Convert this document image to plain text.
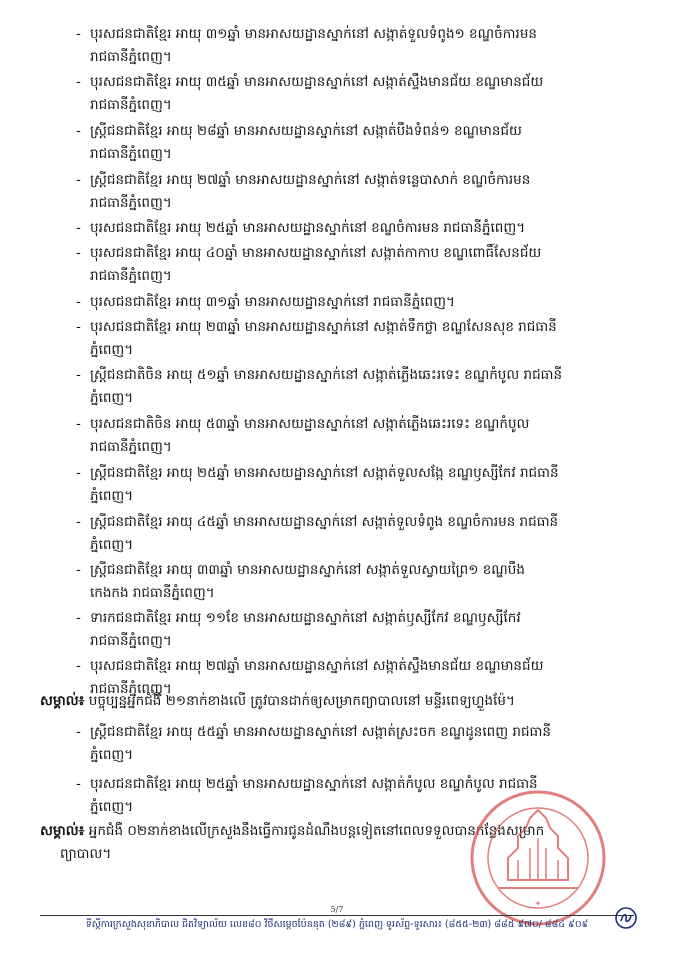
- បុរសជនជាតិខ្មែរ អាយុ ៣១ឆ្នាំ មានអាសយដ្ឋានស្នាក់នៅ សង្កាត់ទួលទំពូង១ ខណ្ឌចំការមន
រាជធានីភ្នំពេញ។
- បុរសជនជាតិខ្មែរ អាយុ ៣៥ឆ្នាំ មានអាសយដ្ឋានស្នាក់នៅ សង្កាត់ស្ទឹងមានជ័យ ខណ្ឌមានជ័យ
រាជធានីភ្នំពេញ។
- ស្ត្រីជនជាតិខ្មែរ អាយុ ២៨ឆ្នាំ មានអាសយដ្ឋានស្នាក់នៅ សង្កាត់បឹងទំពន់១ ខណ្ឌមានជ័យ
រាជធានីភ្នំពេញ។
- ស្ត្រីជនជាតិខ្មែរ អាយុ ២៧ឆ្នាំ មានអាសយដ្ឋានស្នាក់នៅ សង្កាត់ទន្លេបាសាក់ ខណ្ឌចំការមន
រាជធានីភ្នំពេញ។
- បុរសជនជាតិខ្មែរ អាយុ ២៥ឆ្នាំ មានអាសយដ្ឋានស្នាក់នៅ ខណ្ឌចំការមន រាជធានីភ្នំពេញ។
- បុរសជនជាតិខ្មែរ អាយុ ៤០ឆ្នាំ មានអាសយដ្ឋានស្នាក់នៅ សង្កាត់កាកាប ខណ្ឌពោធិ៍សែនជ័យ
រាជធានីភ្នំពេញ។
- បុរសជនជាតិខ្មែរ អាយុ ៣១ឆ្នាំ មានអាសយដ្ឋានស្នាក់នៅ រាជធានីភ្នំពេញ។
- បុរសជនជាតិខ្មែរ អាយុ ២៣ឆ្នាំ មានអាសយដ្ឋានស្នាក់នៅ សង្កាត់ទឹកថ្លា ខណ្ឌសែនសុខ រាជធានី
ភ្នំពេញ។
- ស្ត្រីជនជាតិចិន អាយុ ៥១ឆ្នាំ មានអាសយដ្ឋានស្នាក់នៅ សង្កាត់ភ្លើងឆេះរទេះ ខណ្ឌកំបូល រាជធានី
ភ្នំពេញ។
- បុរសជនជាតិចិន អាយុ ៥៣ឆ្នាំ មានអាសយដ្ឋានស្នាក់នៅ សង្កាត់ភ្លើងឆេះរទេះ ខណ្ឌកំបូល
រាជធានីភ្នំពេញ។
- ស្ត្រីជនជាតិខ្មែរ អាយុ ២៥ឆ្នាំ មានអាសយដ្ឋានស្នាក់នៅ សង្កាត់ទួលសង្កែ ខណ្ឌឫស្សីកែវ រាជធានី
ភ្នំពេញ។
- ស្ត្រីជនជាតិខ្មែរ អាយុ ៤៥ឆ្នាំ មានអាសយដ្ឋានស្នាក់នៅ សង្កាត់ទួលទំពូង ខណ្ឌចំការមន រាជធានី
ភ្នំពេញ។
- ស្ត្រីជនជាតិខ្មែរ អាយុ ៣៣ឆ្នាំ មានអាសយដ្ឋានស្នាក់នៅ សង្កាត់ទួលស្វាយព្រៃ១ ខណ្ឌបឹង
កេងកង រាជធានីភ្នំពេញ។
- ទារកជនជាតិខ្មែរ អាយុ ១១ខែ មានអាសយដ្ឋានស្នាក់នៅ សង្កាត់ឫស្សីកែវ ខណ្ឌឫស្សីកែវ
រាជធានីភ្នំពេញ។
- បុរសជនជាតិខ្មែរ អាយុ ២៧ឆ្នាំ មានអាសយដ្ឋានស្នាក់នៅ សង្កាត់ស្ទឹងមានជ័យ ខណ្ឌមានជ័យ
រាជធានីភ្នំពេញ។

សម្គាល់៖ បច្ចុប្បន្នអ្នកជំងឺ ២១នាក់ខាងលើ ត្រូវបានដាក់ឲ្យសម្រាកព្យាបាលនៅ មន្ទីរពេទ្យហ្លួងម៉ែ។

- ស្ត្រីជនជាតិខ្មែរ អាយុ ៥៥ឆ្នាំ មានអាសយដ្ឋានស្នាក់នៅ សង្កាត់ស្រះចក ខណ្ឌដូនពេញ រាជធានី
ភ្នំពេញ។
- បុរសជនជាតិខ្មែរ អាយុ ២៥ឆ្នាំ មានអាសយដ្ឋានស្នាក់នៅ សង្កាត់កំបូល ខណ្ឌកំបូល រាជធានី
ភ្នំពេញ។

សម្គាល់៖ អ្នកជំងឺ ០២នាក់ខាងលើក្រសួងនឹងធ្វើការជូនដំណឹងបន្តទៀតនៅពេលទទួលបានកន្លែងសម្រាក
ព្យាបាល។

✦
5/7
ទីស្តីការក្រសួងសុខាភិបាល ជិតវិទ្យាល័យ លេខ៨០ វិថីសម្តេចប៉ែននុត (២៨៩) ភ្នំពេញ ទូរស័ព្ទ-ទូរសារ៖ (៨៥៥-២៣) ៨៨៥ ៩៧០/ ៨៨៤ ៩០៩
